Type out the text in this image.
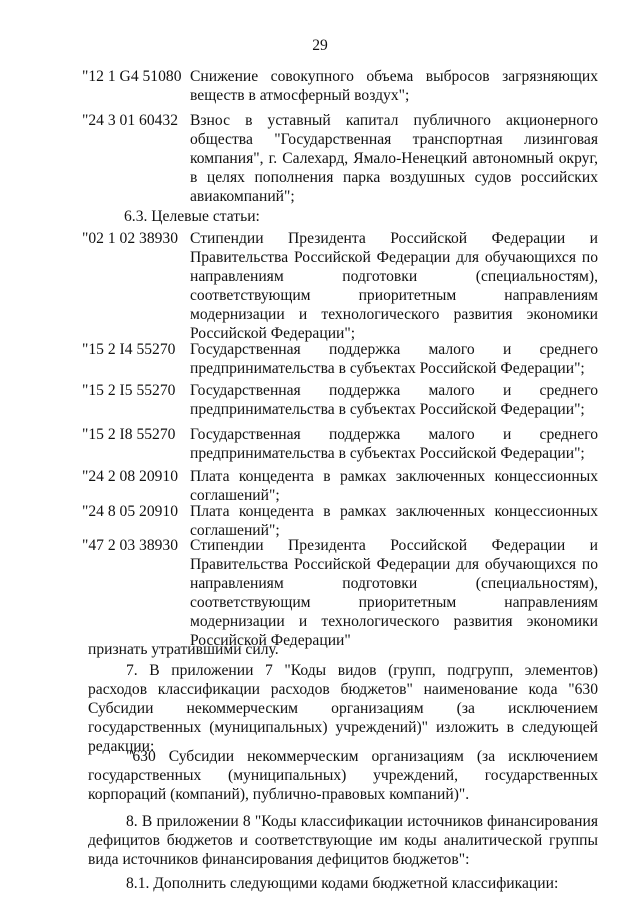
29
"12 1 G4 51080 Снижение совокупного объема выбросов загрязняющих веществ в атмосферный воздух";
"24 3 01 60432 Взнос в уставный капитал публичного акционерного общества "Государственная транспортная лизинговая компания", г. Салехард, Ямало-Ненецкий автономный округ, в целях пополнения парка воздушных судов российских авиакомпаний";
6.3. Целевые статьи:
"02 1 02 38930 Стипендии Президента Российской Федерации и Правительства Российской Федерации для обучающихся по направлениям подготовки (специальностям), соответствующим приоритетным направлениям модернизации и технологического развития экономики Российской Федерации";
"15 2 I4 55270 Государственная поддержка малого и среднего предпринимательства в субъектах Российской Федерации";
"15 2 I5 55270 Государственная поддержка малого и среднего предпринимательства в субъектах Российской Федерации";
"15 2 I8 55270 Государственная поддержка малого и среднего предпринимательства в субъектах Российской Федерации";
"24 2 08 20910 Плата концедента в рамках заключенных концессионных соглашений";
"24 8 05 20910 Плата концедента в рамках заключенных концессионных соглашений";
"47 2 03 38930 Стипендии Президента Российской Федерации и Правительства Российской Федерации для обучающихся по направлениям подготовки (специальностям), соответствующим приоритетным направлениям модернизации и технологического развития экономики Российской Федерации"
признать утратившими силу.
7. В приложении 7 "Коды видов (групп, подгрупп, элементов) расходов классификации расходов бюджетов" наименование кода "630 Субсидии некоммерческим организациям (за исключением государственных (муниципальных) учреждений)" изложить в следующей редакции:
"630 Субсидии некоммерческим организациям (за исключением государственных (муниципальных) учреждений, государственных корпораций (компаний), публично-правовых компаний)".
8. В приложении 8 "Коды классификации источников финансирования дефицитов бюджетов и соответствующие им коды аналитической группы вида источников финансирования дефицитов бюджетов":
8.1. Дополнить следующими кодами бюджетной классификации:
